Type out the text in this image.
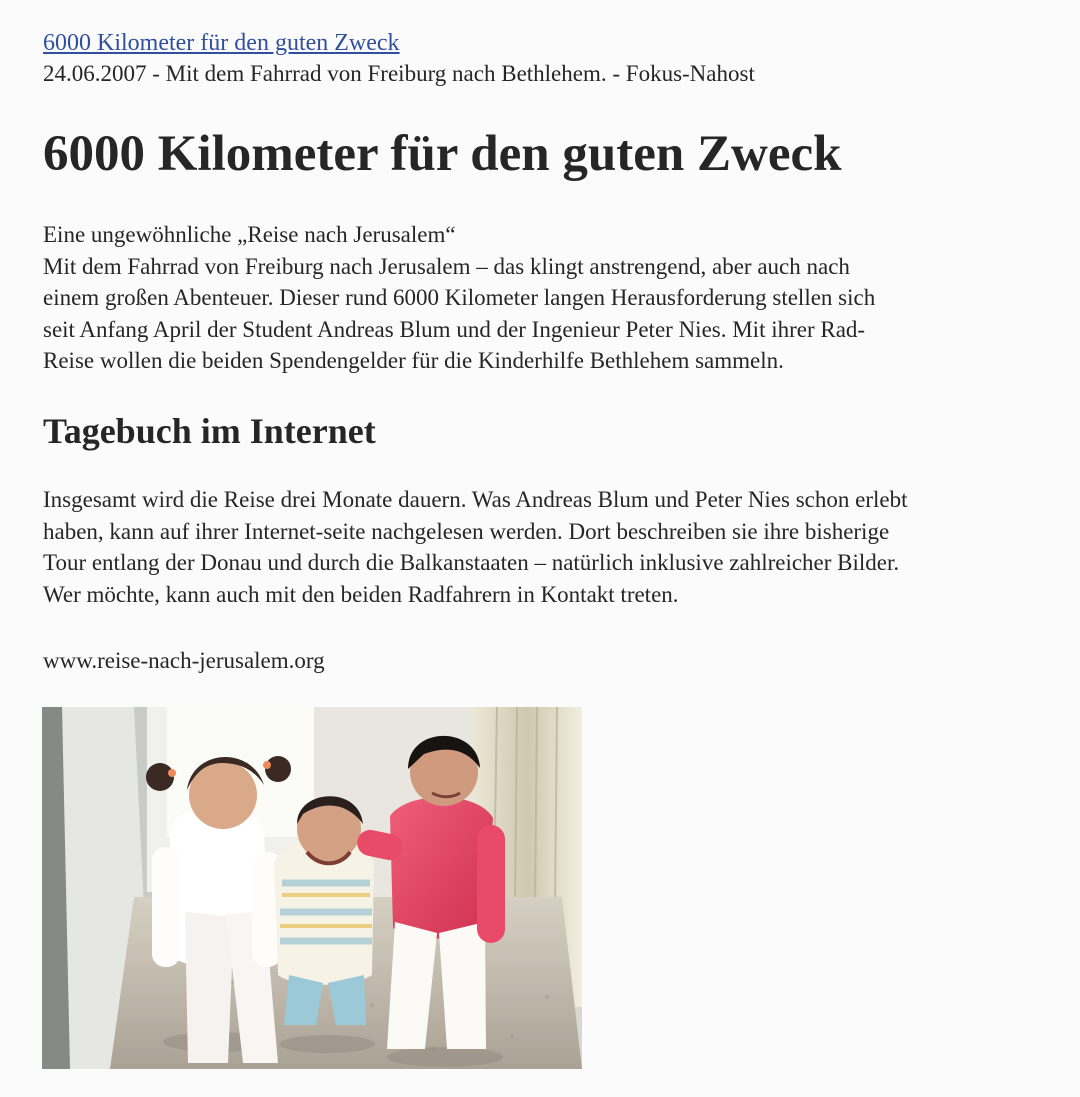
6000 Kilometer für den guten Zweck
24.06.2007 - Mit dem Fahrrad von Freiburg nach Bethlehem. - Fokus-Nahost
6000 Kilometer für den guten Zweck
Eine ungewöhnliche „Reise nach Jerusalem“
Mit dem Fahrrad von Freiburg nach Jerusalem – das klingt anstrengend, aber auch nach
einem großen Abenteuer. Dieser rund 6000 Kilometer langen Herausforderung stellen sich
seit Anfang April der Student Andreas Blum und der Ingenieur Peter Nies. Mit ihrer Rad-
Reise wollen die beiden Spendengelder für die Kinderhilfe Bethlehem sammeln.
Tagebuch im Internet
Insgesamt wird die Reise drei Monate dauern. Was Andreas Blum und Peter Nies schon erlebt
haben, kann auf ihrer Internet-seite nachgelesen werden. Dort beschreiben sie ihre bisherige
Tour entlang der Donau und durch die Balkanstaaten – natürlich inklusive zahlreicher Bilder.
Wer möchte, kann auch mit den beiden Radfahrern in Kontakt treten.
www.reise-nach-jerusalem.org
